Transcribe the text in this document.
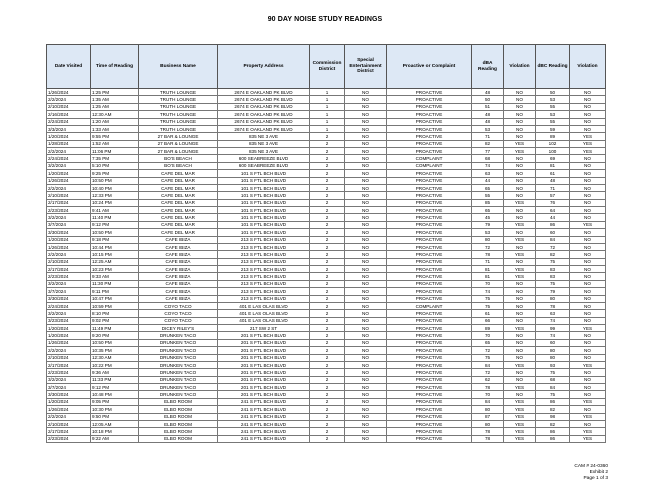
90 DAY NOISE STUDY READINGS
Date Visited	Time of Reading	Business Name	Property Address	Commission District	Special Entertainment District	Proactive or Complaint	dBA Reading	Violation	dBC Reading	Violation
1/26/2024	1:25 PM	TRUTH LOUNGE	2674 E OAKLAND PK BLVD	1	NO	PROACTIVE	48	NO	50	NO
2/2/2024	1:35 AM	TRUTH LOUNGE	2674 E OAKLAND PK BLVD	1	NO	PROACTIVE	50	NO	53	NO
2/10/2024	1:25 AM	TRUTH LOUNGE	2674 E OAKLAND PK BLVD	1	NO	PROACTIVE	51	NO	55	NO
2/16/2024	12:30 AM	TRUTH LOUNGE	2674 E OAKLAND PK BLVD	1	NO	PROACTIVE	48	NO	53	NO
2/24/2024	1:20 AM	TRUTH LOUNGE	2674 E OAKLAND PK BLVD	1	NO	PROACTIVE	48	NO	55	NO
3/3/2024	1:33 AM	TRUTH LOUNGE	2674 E OAKLAND PK BLVD	1	NO	PROACTIVE	53	NO	59	NO
1/20/2024	9:55 PM	27 BAR & LOUNGE	835 NE 3 AVE	2	NO	PROACTIVE	71	NO	89	YES
1/28/2024	1:52 AM	27 BAR & LOUNGE	835 NE 3 AVE	2	NO	PROACTIVE	82	YES	102	YES
2/2/2024	11:06 PM	27 BAR & LOUNGE	835 NE 3 AVE	2	NO	PROACTIVE	77	YES	100	YES
2/24/2024	7:35 PM	BO'S BEACH	600 SEABREEZE BLVD	2	NO	COMPLAINT	68	NO	69	NO
3/2/2024	5:10 PM	BO'S BEACH	600 SEABREEZE BLVD	2	NO	COMPLAINT	74	NO	81	NO
1/20/2024	9:25 PM	CAFE DEL MAR	101 S FTL BCH BLVD	2	NO	PROACTIVE	63	NO	61	NO
1/26/2024	10:50 PM	CAFE DEL MAR	101 S FTL BCH BLVD	2	NO	PROACTIVE	44	NO	48	NO
2/2/2024	10:40 PM	CAFE DEL MAR	101 S FTL BCH BLVD	2	NO	PROACTIVE	65	NO	71	NO
2/10/2024	12:33 PM	CAFE DEL MAR	101 S FTL BCH BLVD	2	NO	PROACTIVE	55	NO	57	NO
2/17/2024	10:24 PM	CAFE DEL MAR	101 S FTL BCH BLVD	2	NO	PROACTIVE	85	YES	76	NO
2/23/2024	9:41 AM	CAFE DEL MAR	101 S FTL BCH BLVD	2	NO	PROACTIVE	65	NO	64	NO
3/2/2024	11:40 PM	CAFE DEL MAR	101 S FTL BCH BLVD	2	NO	PROACTIVE	45	NO	44	NO
3/7/2024	9:12 PM	CAFE DEL MAR	101 S FTL BCH BLVD	2	NO	PROACTIVE	79	YES	86	YES
3/30/2024	10:50 PM	CAFE DEL MAR	101 S FTL BCH BLVD	2	NO	PROACTIVE	53	NO	60	NO
1/20/2024	9:18 PM	CAFE IBIZA	213 S FTL BCH BLVD	2	NO	PROACTIVE	80	YES	84	NO
1/26/2024	10:44 PM	CAFE IBIZA	213 S FTL BCH BLVD	2	NO	PROACTIVE	72	NO	72	NO
2/2/2024	10:15 PM	CAFE IBIZA	213 S FTL BCH BLVD	2	NO	PROACTIVE	78	YES	82	NO
2/10/2024	12:25 AM	CAFE IBIZA	213 S FTL BCH BLVD	2	NO	PROACTIVE	71	NO	75	NO
2/17/2024	10:23 PM	CAFE IBIZA	213 S FTL BCH BLVD	2	NO	PROACTIVE	81	YES	83	NO
2/23/2024	9:33 AM	CAFE IBIZA	213 S FTL BCH BLVD	2	NO	PROACTIVE	81	YES	83	NO
3/2/2024	11:30 PM	CAFE IBIZA	213 S FTL BCH BLVD	2	NO	PROACTIVE	70	NO	75	NO
3/7/2024	9:11 PM	CAFE IBIZA	213 S FTL BCH BLVD	2	NO	PROACTIVE	74	NO	79	NO
3/30/2024	10:47 PM	CAFE IBIZA	213 S FTL BCH BLVD	2	NO	PROACTIVE	75	NO	80	NO
2/24/2024	10:59 PM	COYO TACO	401 E LAS OLAS BLVD	2	NO	COMPLAINT	75	NO	78	NO
3/2/2024	8:10 PM	COYO TACO	401 E LAS OLAS BLVD	2	NO	PROACTIVE	61	NO	63	NO
3/23/2024	9:02 PM	COYO TACO	401 E LAS OLAS BLVD	2	NO	PROACTIVE	66	NO	74	NO
1/20/2024	11:49 PM	DICEY RILEY'S	217 SW 2 ST	2	NO	PROACTIVE	89	YES	99	YES
1/20/2024	9:20 PM	DRUNKEN TACO	201 S FTL BCH BLVD	2	NO	PROACTIVE	70	NO	74	NO
1/26/2024	10:50 PM	DRUNKEN TACO	201 S FTL BCH BLVD	2	NO	PROACTIVE	65	NO	60	NO
2/2/2024	10:35 PM	DRUNKEN TACO	201 S FTL BCH BLVD	2	NO	PROACTIVE	72	NO	80	NO
2/10/2024	12:30 AM	DRUNKEN TACO	201 S FTL BCH BLVD	2	NO	PROACTIVE	75	NO	80	NO
2/17/2024	10:22 PM	DRUNKEN TACO	201 S FTL BCH BLVD	2	NO	PROACTIVE	84	YES	93	YES
2/23/2024	9:36 AM	DRUNKEN TACO	201 S FTL BCH BLVD	2	NO	PROACTIVE	72	NO	75	NO
3/2/2024	11:33 PM	DRUNKEN TACO	201 S FTL BCH BLVD	2	NO	PROACTIVE	62	NO	68	NO
3/7/2024	9:12 PM	DRUNKEN TACO	201 S FTL BCH BLVD	2	NO	PROACTIVE	78	YES	84	NO
3/30/2024	10:48 PM	DRUNKEN TACO	201 S FTL BCH BLVD	2	NO	PROACTIVE	70	NO	75	NO
1/20/2024	9:05 PM	ELBO ROOM	241 S FTL BCH BLVD	2	NO	PROACTIVE	84	YES	86	YES
1/26/2024	10:30 PM	ELBO ROOM	241 S FTL BCH BLVD	2	NO	PROACTIVE	80	YES	82	NO
2/2/2024	9:50 PM	ELBO ROOM	241 S FTL BCH BLVD	2	NO	PROACTIVE	87	YES	98	YES
2/10/2024	12:05 AM	ELBO ROOM	241 S FTL BCH BLVD	2	NO	PROACTIVE	80	YES	82	NO
2/17/2024	10:18 PM	ELBO ROOM	241 S FTL BCH BLVD	2	NO	PROACTIVE	78	YES	86	YES
2/23/2024	9:22 AM	ELBO ROOM	241 S FTL BCH BLVD	2	NO	PROACTIVE	78	YES	86	YES
CAM # 24-0360
Exhibit 2
Page 1 of 3
